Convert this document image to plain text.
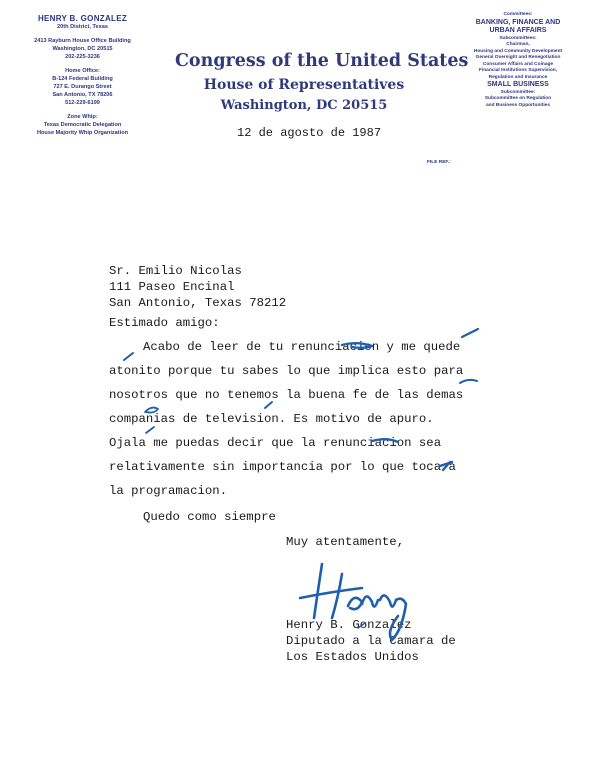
HENRY B. GONZALEZ
20th District, Texas
2413 Rayburn House Office Building
Washington, DC 20515
202-225-3236
Home Office:
B-124 Federal Building
727 E. Durango Street
San Antonio, TX 78206
512-229-6199
Zone Whip:
Texas Democratic Delegation
House Majority Whip Organization
Congress of the United States
House of Representatives
Washington, DC 20515
Committees:
BANKING, FINANCE AND
URBAN AFFAIRS
Subcommittees:
Chairman,
Housing and Community Development
General Oversight and Renegotiation
Consumer Affairs and Coinage
Financial Institutions Supervision,
Regulation and Insurance
SMALL BUSINESS
Subcommittee:
Subcommittee on Regulation
and Business Opportunities
FILE REF.:
12 de agosto de 1987
Sr. Emilio Nicolas
111 Paseo Encinal
San Antonio, Texas 78212
Estimado amigo:
Acabo de leer de tu renunciacion y me quede
atonito porque tu sabes lo que implica esto para
nosotros que no tenemos la buena fe de las demas
companias de television. Es motivo de apuro.
Ojala me puedas decir que la renunciacion sea
relativamente sin importancia por lo que toca a
la programacion.
Quedo como siempre
Muy atentamente,
Henry B. Gonzalez
Diputado a la Camara de
Los Estados Unidos
